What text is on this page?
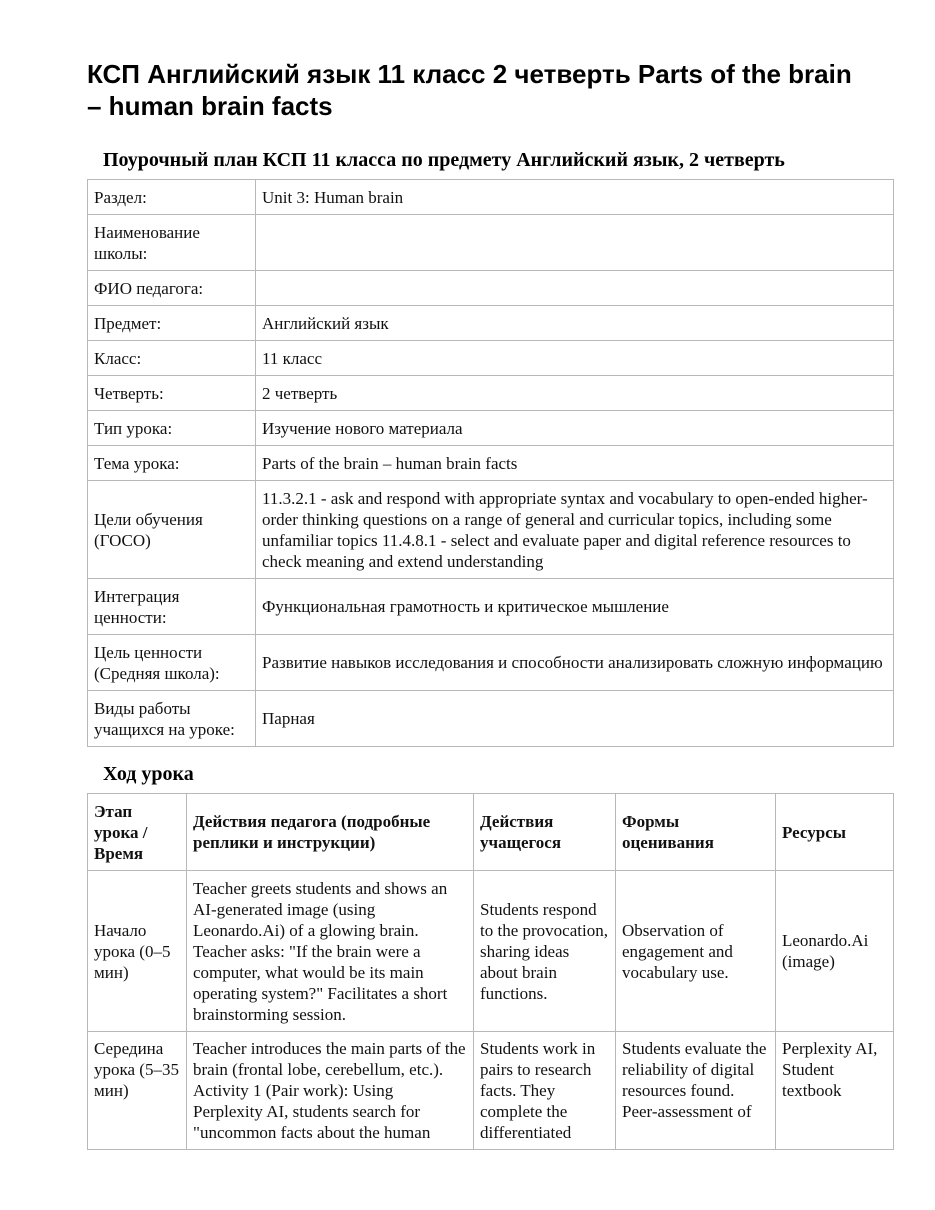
КСП Английский язык 11 класс 2 четверть Parts of the brain – human brain facts
Поурочный план КСП 11 класса по предмету Английский язык, 2 четверть
Раздел:	Unit 3: Human brain
Наименование школы:	
ФИО педагога:	
Предмет:	Английский язык
Класс:	11 класс
Четверть:	2 четверть
Тип урока:	Изучение нового материала
Тема урока:	Parts of the brain – human brain facts
Цели обучения (ГОСО)	11.3.2.1 - ask and respond with appropriate syntax and vocabulary to open-ended higher-order thinking questions on a range of general and curricular topics, including some unfamiliar topics 11.4.8.1 - select and evaluate paper and digital reference resources to check meaning and extend understanding
Интеграция ценности:	Функциональная грамотность и критическое мышление
Цель ценности (Средняя школа):	Развитие навыков исследования и способности анализировать сложную информацию
Виды работы учащихся на уроке:	Парная
Ход урока
Этап урока / Время	Действия педагога (подробные реплики и инструкции)	Действия учащегося	Формы оценивания	Ресурсы
Начало урока (0–5 мин)	Teacher greets students and shows an AI-generated image (using Leonardo.Ai) of a glowing brain. Teacher asks: "If the brain were a computer, what would be its main operating system?" Facilitates a short brainstorming session.	Students respond to the provocation, sharing ideas about brain functions.	Observation of engagement and vocabulary use.	Leonardo.Ai (image)
Середина урока (5–35 мин)	Teacher introduces the main parts of the brain (frontal lobe, cerebellum, etc.). Activity 1 (Pair work): Using Perplexity AI, students search for "uncommon facts about the human	Students work in pairs to research facts. They complete the differentiated	Students evaluate the reliability of digital resources found. Peer-assessment of	Perplexity AI, Student textbook
